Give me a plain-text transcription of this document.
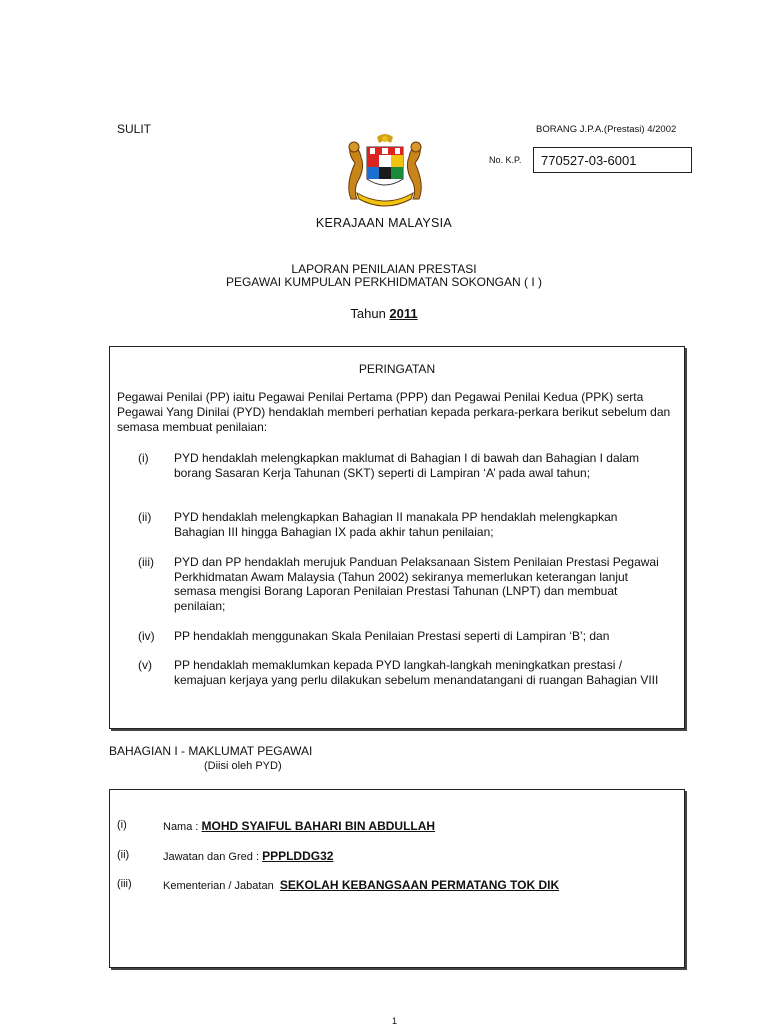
SULIT	BORANG J.P.A.(Prestasi) 4/2002
No. K.P.	770527-03-6001
KERAJAAN MALAYSIA
LAPORAN PENILAIAN PRESTASI
PEGAWAI KUMPULAN PERKHIDMATAN SOKONGAN ( I )
Tahun 2011
PERINGATAN
Pegawai Penilai (PP) iaitu Pegawai Penilai Pertama (PPP) dan Pegawai Penilai Kedua (PPK) serta Pegawai Yang Dinilai (PYD) hendaklah memberi perhatian kepada perkara-perkara berikut sebelum dan semasa membuat penilaian:
(i)	PYD hendaklah melengkapkan maklumat di Bahagian I di bawah dan Bahagian I dalam borang Sasaran Kerja Tahunan (SKT) seperti di Lampiran ‘A’ pada awal tahun;
(ii)	PYD hendaklah melengkapkan Bahagian II manakala PP hendaklah melengkapkan Bahagian III hingga Bahagian IX pada akhir tahun penilaian;
(iii)	PYD dan PP hendaklah merujuk Panduan Pelaksanaan Sistem Penilaian Prestasi Pegawai Perkhidmatan Awam Malaysia (Tahun 2002) sekiranya memerlukan keterangan lanjut semasa mengisi Borang Laporan Penilaian Prestasi Tahunan (LNPT) dan membuat penilaian;
(iv)	PP hendaklah menggunakan Skala Penilaian Prestasi seperti di Lampiran ‘B’; dan
(v)	PP hendaklah memaklumkan kepada PYD langkah-langkah meningkatkan prestasi / kemajuan kerjaya yang perlu dilakukan sebelum menandatangani di ruangan Bahagian VIII
BAHAGIAN I - MAKLUMAT PEGAWAI
(Diisi oleh PYD)
(i)	Nama : MOHD SYAIFUL BAHARI BIN ABDULLAH
(ii)	Jawatan dan Gred : PPPLDDG32
(iii)	Kementerian / Jabatan SEKOLAH KEBANGSAAN PERMATANG TOK DIK
1
